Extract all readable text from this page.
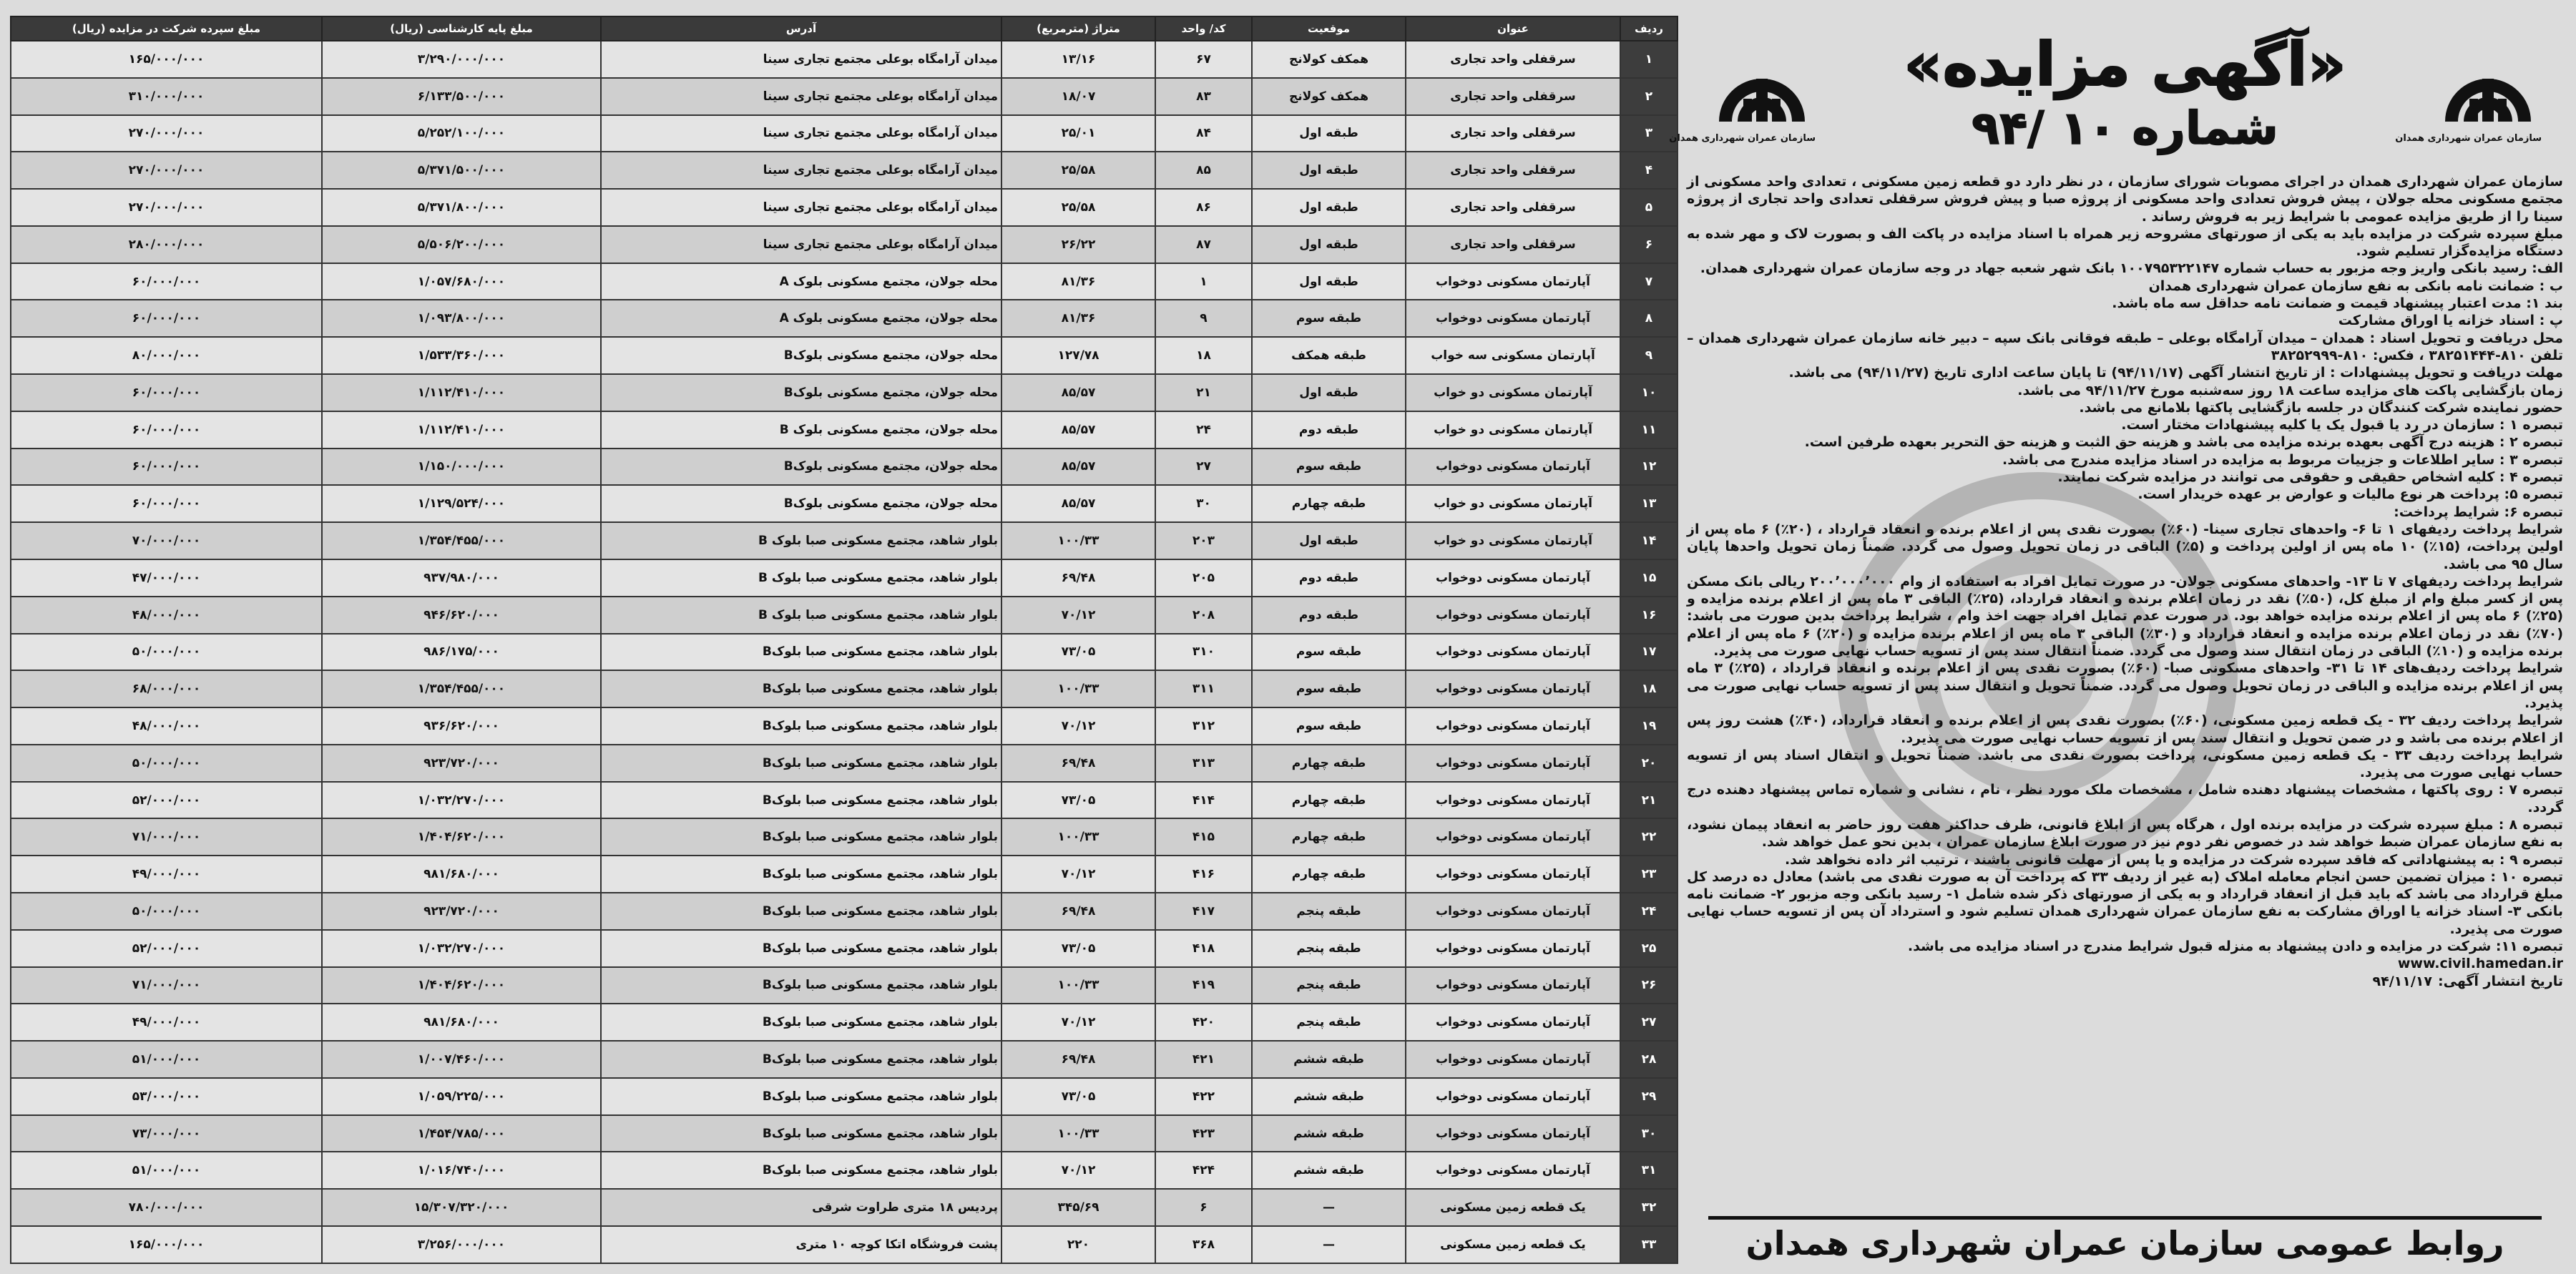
ردیف	عنوان	موقعیت	کد/ واحد	متراژ (مترمربع)	آدرس	مبلغ پایه کارشناسی (ریال)	مبلغ سپرده شرکت در مزایده (ریال)
۱	سرقفلی واحد تجاری	همکف کولانج	۶۷	۱۳/۱۶	میدان آرامگاه بوعلی مجتمع تجاری سینا	۳/۲۹۰/۰۰۰/۰۰۰	۱۶۵/۰۰۰/۰۰۰
۲	سرقفلی واحد تجاری	همکف کولانج	۸۳	۱۸/۰۷	میدان آرامگاه بوعلی مجتمع تجاری سینا	۶/۱۳۳/۵۰۰/۰۰۰	۳۱۰/۰۰۰/۰۰۰
۳	سرقفلی واحد تجاری	طبقه اول	۸۴	۲۵/۰۱	میدان آرامگاه بوعلی مجتمع تجاری سینا	۵/۲۵۲/۱۰۰/۰۰۰	۲۷۰/۰۰۰/۰۰۰
۴	سرقفلی واحد تجاری	طبقه اول	۸۵	۲۵/۵۸	میدان آرامگاه بوعلی مجتمع تجاری سینا	۵/۳۷۱/۵۰۰/۰۰۰	۲۷۰/۰۰۰/۰۰۰
۵	سرقفلی واحد تجاری	طبقه اول	۸۶	۲۵/۵۸	میدان آرامگاه بوعلی مجتمع تجاری سینا	۵/۳۷۱/۸۰۰/۰۰۰	۲۷۰/۰۰۰/۰۰۰
۶	سرقفلی واحد تجاری	طبقه اول	۸۷	۲۶/۲۲	میدان آرامگاه بوعلی مجتمع تجاری سینا	۵/۵۰۶/۲۰۰/۰۰۰	۲۸۰/۰۰۰/۰۰۰
۷	آپارتمان مسکونی دوخواب	طبقه اول	۱	۸۱/۳۶	محله جولان، مجتمع مسکونی بلوک A	۱/۰۵۷/۶۸۰/۰۰۰	۶۰/۰۰۰/۰۰۰
۸	آپارتمان مسکونی دوخواب	طبقه سوم	۹	۸۱/۳۶	محله جولان، مجتمع مسکونی بلوک A	۱/۰۹۳/۸۰۰/۰۰۰	۶۰/۰۰۰/۰۰۰
۹	آپارتمان مسکونی سه خواب	طبقه همکف	۱۸	۱۲۷/۷۸	محله جولان، مجتمع مسکونی بلوکB	۱/۵۳۳/۳۶۰/۰۰۰	۸۰/۰۰۰/۰۰۰
۱۰	آپارتمان مسکونی دو خواب	طبقه اول	۲۱	۸۵/۵۷	محله جولان، مجتمع مسکونی بلوکB	۱/۱۱۲/۴۱۰/۰۰۰	۶۰/۰۰۰/۰۰۰
۱۱	آپارتمان مسکونی دو خواب	طبقه دوم	۲۴	۸۵/۵۷	محله جولان، مجتمع مسکونی بلوک B	۱/۱۱۲/۴۱۰/۰۰۰	۶۰/۰۰۰/۰۰۰
۱۲	آپارتمان مسکونی دوخواب	طبقه سوم	۲۷	۸۵/۵۷	محله جولان، مجتمع مسکونی بلوکB	۱/۱۵۰/۰۰۰/۰۰۰	۶۰/۰۰۰/۰۰۰
۱۳	آپارتمان مسکونی دو خواب	طبقه چهارم	۳۰	۸۵/۵۷	محله جولان، مجتمع مسکونی بلوکB	۱/۱۲۹/۵۲۴/۰۰۰	۶۰/۰۰۰/۰۰۰
۱۴	آپارتمان مسکونی دو خواب	طبقه اول	۲۰۳	۱۰۰/۳۳	بلوار شاهد، مجتمع مسکونی صبا بلوک B	۱/۳۵۴/۴۵۵/۰۰۰	۷۰/۰۰۰/۰۰۰
۱۵	آپارتمان مسکونی دوخواب	طبقه دوم	۲۰۵	۶۹/۴۸	بلوار شاهد، مجتمع مسکونی صبا بلوک B	۹۳۷/۹۸۰/۰۰۰	۴۷/۰۰۰/۰۰۰
۱۶	آپارتمان مسکونی دوخواب	طبقه دوم	۲۰۸	۷۰/۱۲	بلوار شاهد، مجتمع مسکونی صبا بلوک B	۹۴۶/۶۲۰/۰۰۰	۴۸/۰۰۰/۰۰۰
۱۷	آپارتمان مسکونی دوخواب	طبقه سوم	۳۱۰	۷۳/۰۵	بلوار شاهد، مجتمع مسکونی صبا بلوکB	۹۸۶/۱۷۵/۰۰۰	۵۰/۰۰۰/۰۰۰
۱۸	آپارتمان مسکونی دوخواب	طبقه سوم	۳۱۱	۱۰۰/۳۳	بلوار شاهد، مجتمع مسکونی صبا بلوکB	۱/۳۵۴/۴۵۵/۰۰۰	۶۸/۰۰۰/۰۰۰
۱۹	آپارتمان مسکونی دوخواب	طبقه سوم	۳۱۲	۷۰/۱۲	بلوار شاهد، مجتمع مسکونی صبا بلوکB	۹۳۶/۶۲۰/۰۰۰	۴۸/۰۰۰/۰۰۰
۲۰	آپارتمان مسکونی دوخواب	طبقه چهارم	۳۱۳	۶۹/۴۸	بلوار شاهد، مجتمع مسکونی صبا بلوکB	۹۲۳/۷۲۰/۰۰۰	۵۰/۰۰۰/۰۰۰
۲۱	آپارتمان مسکونی دوخواب	طبقه چهارم	۴۱۴	۷۳/۰۵	بلوار شاهد، مجتمع مسکونی صبا بلوکB	۱/۰۳۲/۲۷۰/۰۰۰	۵۲/۰۰۰/۰۰۰
۲۲	آپارتمان مسکونی دوخواب	طبقه چهارم	۴۱۵	۱۰۰/۳۳	بلوار شاهد، مجتمع مسکونی صبا بلوکB	۱/۴۰۴/۶۲۰/۰۰۰	۷۱/۰۰۰/۰۰۰
۲۳	آپارتمان مسکونی دوخواب	طبقه چهارم	۴۱۶	۷۰/۱۲	بلوار شاهد، مجتمع مسکونی صبا بلوکB	۹۸۱/۶۸۰/۰۰۰	۴۹/۰۰۰/۰۰۰
۲۴	آپارتمان مسکونی دوخواب	طبقه پنجم	۴۱۷	۶۹/۴۸	بلوار شاهد، مجتمع مسکونی صبا بلوکB	۹۲۳/۷۲۰/۰۰۰	۵۰/۰۰۰/۰۰۰
۲۵	آپارتمان مسکونی دوخواب	طبقه پنجم	۴۱۸	۷۳/۰۵	بلوار شاهد، مجتمع مسکونی صبا بلوکB	۱/۰۳۲/۲۷۰/۰۰۰	۵۲/۰۰۰/۰۰۰
۲۶	آپارتمان مسکونی دوخواب	طبقه پنجم	۴۱۹	۱۰۰/۳۳	بلوار شاهد، مجتمع مسکونی صبا بلوکB	۱/۴۰۴/۶۲۰/۰۰۰	۷۱/۰۰۰/۰۰۰
۲۷	آپارتمان مسکونی دوخواب	طبقه پنجم	۴۲۰	۷۰/۱۲	بلوار شاهد، مجتمع مسکونی صبا بلوکB	۹۸۱/۶۸۰/۰۰۰	۴۹/۰۰۰/۰۰۰
۲۸	آپارتمان مسکونی دوخواب	طبقه ششم	۴۲۱	۶۹/۴۸	بلوار شاهد، مجتمع مسکونی صبا بلوکB	۱/۰۰۷/۴۶۰/۰۰۰	۵۱/۰۰۰/۰۰۰
۲۹	آپارتمان مسکونی دوخواب	طبقه ششم	۴۲۲	۷۳/۰۵	بلوار شاهد، مجتمع مسکونی صبا بلوکB	۱/۰۵۹/۲۲۵/۰۰۰	۵۳/۰۰۰/۰۰۰
۳۰	آپارتمان مسکونی دوخواب	طبقه ششم	۴۲۳	۱۰۰/۳۳	بلوار شاهد، مجتمع مسکونی صبا بلوکB	۱/۴۵۴/۷۸۵/۰۰۰	۷۳/۰۰۰/۰۰۰
۳۱	آپارتمان مسکونی دوخواب	طبقه ششم	۴۲۴	۷۰/۱۲	بلوار شاهد، مجتمع مسکونی صبا بلوکB	۱/۰۱۶/۷۴۰/۰۰۰	۵۱/۰۰۰/۰۰۰
۳۲	یک قطعه زمین مسکونی	—	۶	۳۴۵/۶۹	پردیس ۱۸ متری طراوت شرقی	۱۵/۳۰۷/۳۲۰/۰۰۰	۷۸۰/۰۰۰/۰۰۰
۳۳	یک قطعه زمین مسکونی	—	۳۶۸	۲۲۰	پشت فروشگاه اتکا کوچه ۱۰ متری	۳/۲۵۶/۰۰۰/۰۰۰	۱۶۵/۰۰۰/۰۰۰
سازمان عمران شهرداری همدان
سازمان عمران شهرداری همدان
«آگهی مزایده»
شماره ۱۰ /۹۴

سازمان عمران شهرداری همدان در اجرای مصوبات شورای سازمان ، در نظر دارد دو قطعه زمین مسکونی ، تعدادی واحد مسکونی از مجتمع مسکونی محله جولان ، پیش فروش تعدادی واحد مسکونی از پروژه صبا و پیش فروش سرقفلی تعدادی واحد تجاری از پروژه سینا را از طریق مزایده عمومی با شرایط زیر به فروش رساند .

مبلغ سپرده شرکت در مزایده باید به یکی از صورتهای مشروحه زیر همراه با اسناد مزایده در پاکت الف و بصورت لاک و مهر شده به دستگاه مزایده‌گزار تسلیم شود.

الف: رسید بانکی واریز وجه مزبور به حساب شماره ۱۰۰۷۹۵۳۲۲۱۴۷ بانک شهر شعبه جهاد در وجه سازمان عمران شهرداری همدان.

ب : ضمانت نامه بانکی به نفع سازمان عمران شهرداری همدان

بند ۱: مدت اعتبار پیشنهاد قیمت و ضمانت نامه حداقل سه ماه باشد.

پ : اسناد خزانه یا اوراق مشارکت

محل دریافت و تحویل اسناد : همدان – میدان آرامگاه بوعلی – طبقه فوقانی بانک سپه – دبیر خانه سازمان عمران شهرداری همدان – تلفن ۸۱۰-۳۸۲۵۱۴۴۴ ، فکس: ۸۱۰-۳۸۲۵۲۹۹۹

مهلت دریافت و تحویل پیشنهادات : از تاریخ انتشار آگهی (۹۴/۱۱/۱۷) تا پایان ساعت اداری تاریخ (۹۴/۱۱/۲۷) می باشد.

زمان بازگشایی پاکت های مزایده ساعت ۱۸ روز سه‌شنبه مورخ ۹۴/۱۱/۲۷ می باشد.

حضور نماینده شرکت کنندگان در جلسه بازگشایی پاکتها بلامانع می باشد.

تبصره ۱ : سازمان در رد یا قبول یک یا کلیه پیشنهادات مختار است.

تبصره ۲ : هزینه درج آگهی بعهده برنده مزایده می باشد و هزینه حق الثبت و هزینه حق التحریر بعهده طرفین است.

تبصره ۳ : سایر اطلاعات و جزییات مربوط به مزایده در اسناد مزایده مندرج می باشد.

تبصره ۴ : کلیه اشخاص حقیقی و حقوقی می توانند در مزایده شرکت نمایند.

تبصره ۵: پرداخت هر نوع مالیات و عوارض بر عهده خریدار است.

تبصره ۶: شرایط پرداخت:

شرایط پرداخت ردیفهای ۱ تا ۶- واحدهای تجاری سینا- (۶۰٪) بصورت نقدی پس از اعلام برنده و انعقاد قرارداد ، (۲۰٪) ۶ ماه پس از اولین پرداخت، (۱۵٪) ۱۰ ماه پس از اولین پرداخت و (۵٪) الباقی در زمان تحویل وصول می گردد. ضمناً زمان تحویل واحدها پایان سال ۹۵ می باشد.

شرایط پرداخت ردیفهای ۷ تا ۱۳- واحدهای مسکونی جولان- در صورت تمایل افراد به استفاده از وام ۲۰۰٬۰۰۰٬۰۰۰ ریالی بانک مسکن پس از کسر مبلغ وام از مبلغ کل، (۵۰٪) نقد در زمان اعلام برنده و انعقاد قرارداد، (۲۵٪) الباقی ۳ ماه پس از اعلام برنده مزایده و (۲۵٪) ۶ ماه پس از اعلام برنده مزایده خواهد بود. در صورت عدم تمایل افراد جهت اخذ وام ، شرایط پرداخت بدین صورت می باشد: (۷۰٪) نقد در زمان اعلام برنده مزایده و انعقاد قرارداد و (۳۰٪) الباقی ۳ ماه پس از اعلام برنده مزایده و (۲۰٪) ۶ ماه پس از اعلام برنده مزایده و (۱۰٪) الباقی در زمان انتقال سند وصول می گردد. ضمناً انتقال سند پس از تسویه حساب نهایی صورت می پذیرد.

شرایط پرداخت ردیف‌های ۱۴ تا ۳۱- واحدهای مسکونی صبا- (۶۰٪) بصورت نقدی پس از اعلام برنده و انعقاد قرارداد ، (۲۵٪) ۳ ماه پس از اعلام برنده مزایده و الباقی در زمان تحویل وصول می گردد. ضمناً تحویل و انتقال سند پس از تسویه حساب نهایی صورت می پذیرد.

شرایط پرداخت ردیف ۳۲ - یک قطعه زمین مسکونی، (۶۰٪) بصورت نقدی پس از اعلام برنده و انعقاد قرارداد، (۴۰٪) هشت روز پس از اعلام برنده می باشد و در ضمن تحویل و انتقال سند پس از تسویه حساب نهایی صورت می پذیرد.

شرایط پرداخت ردیف ۳۳ - یک قطعه زمین مسکونی، پرداخت بصورت نقدی می باشد. ضمناً تحویل و انتقال اسناد پس از تسویه حساب نهایی صورت می پذیرد.

تبصره ۷ : روی پاکتها ، مشخصات پیشنهاد دهنده شامل ، مشخصات ملک مورد نظر ، نام ، نشانی و شماره تماس پیشنهاد دهنده درج گردد.

تبصره ۸ : مبلغ سپرده شرکت در مزایده برنده اول ، هرگاه پس از ابلاغ قانونی، ظرف حداکثر هفت روز حاضر به انعقاد پیمان نشود، به نفع سازمان عمران ضبط خواهد شد در خصوص نفر دوم نیز در صورت ابلاغ سازمان عمران ، بدین نحو عمل خواهد شد.

تبصره ۹ : به پیشنهاداتی که فاقد سپرده شرکت در مزایده و یا پس از مهلت قانونی باشند ، ترتیب اثر داده نخواهد شد.

تبصره ۱۰ : میزان تضمین حسن انجام معامله املاک (به غیر از ردیف ۳۳ که پرداخت آن به صورت نقدی می باشد) معادل ده درصد کل مبلغ قرارداد می باشد که باید قبل از انعقاد قرارداد و به یکی از صورتهای ذکر شده شامل ۱- رسید بانکی وجه مزبور ۲- ضمانت نامه بانکی ۳- اسناد خزانه یا اوراق مشارکت به نفع سازمان عمران شهرداری همدان تسلیم شود و استرداد آن پس از تسویه حساب نهایی صورت می پذیرد.

تبصره ۱۱: شرکت در مزایده و دادن پیشنهاد به منزله قبول شرایط مندرج در اسناد مزایده می باشد.

www.civil.hamedan.ir

تاریخ انتشار آگهی:۹۴/۱۱/۱۷

روابط عمومی سازمان عمران شهرداری همدان
